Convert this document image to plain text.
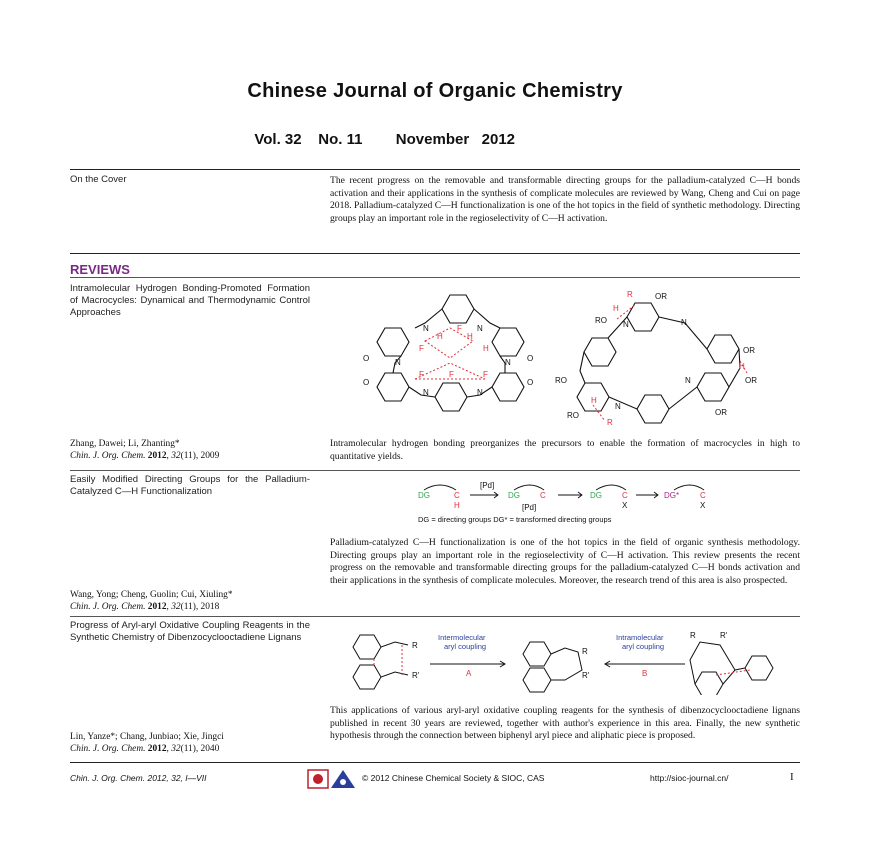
Chinese Journal of Organic Chemistry

Vol. 32 No. 11 November   2012

On the Cover	The recent progress on the removable and transformable directing groups for the palladium-catalyzed C—H bonds activation and their applications in the synthesis of complicate molecules are reviewed by Wang, Cheng and Cui on page 2018. Palladium-catalyzed C—H functionalization is one of the hot topics in the field of synthetic methodology. Directing groups play an important role in the regioselectivity of C—H activation.
REVIEWS
Intramolecular Hydrogen Bonding-Promoted Formation of Macrocycles: Dynamical and Thermodynamic Control Approaches
N	N
N	N
N	N
O	O
O	O
OR
OR
OR
OR
RO
RO
RO
N	N
N
N
H
F
H
F	H
F	F	F
R
H
H
H
R
Zhang, Dawei; Li, Zhanting*
Chin. J. Org. Chem. 2012, 32(11), 2009
Intramolecular hydrogen bonding preorganizes the precursors to enable the formation of macrocycles in high to quantitative yields.
Easily Modified Directing Groups for the Palladium-Catalyzed C—H Functionalization	DG	C
H
[Pd]
DG	C
[Pd]
DG	C
X
DG*	C
X
DG = directing groups DG* = transformed directing groups
Palladium-catalyzed C—H functionalization is one of the hot topics in the field of organic synthesis methodology. Directing groups play an important role in the regioselectivity of C—H activation. This review presents the recent progress on the removable and transformable directing groups for the palladium-catalyzed C—H bonds activation and their applications in the synthesis of complicate molecules. Moreover, the research trend of this area is also prospected.
Wang, Yong; Cheng, Guolin; Cui, Xiuling*
Chin. J. Org. Chem. 2012, 32(11), 2018
Progress of Aryl-aryl Oxidative Coupling Reagents in the Synthetic Chemistry of Dibenzocyclooctadiene Lignans	Intermolecular aryl coupling
Intramolecular aryl coupling
A	B
R
R'
R
R'
R	R'
This applications of various aryl-aryl oxidative coupling reagents for the synthesis of dibenzocyclooctadiene lignans published in recent 30 years are reviewed, together with author's experience in this area. Finally, the new synthetic hypothesis through the connection between biphenyl aryl piece and aliphatic piece is proposed.
Lin, Yanze*; Chang, Junbiao; Xie, Jingci
Chin. J. Org. Chem. 2012, 32(11), 2040
Chin. J. Org. Chem. 2012, 32, I—VII	© 2012 Chinese Chemical Society & SIOC, CAS	http://sioc-journal.cn/	I
